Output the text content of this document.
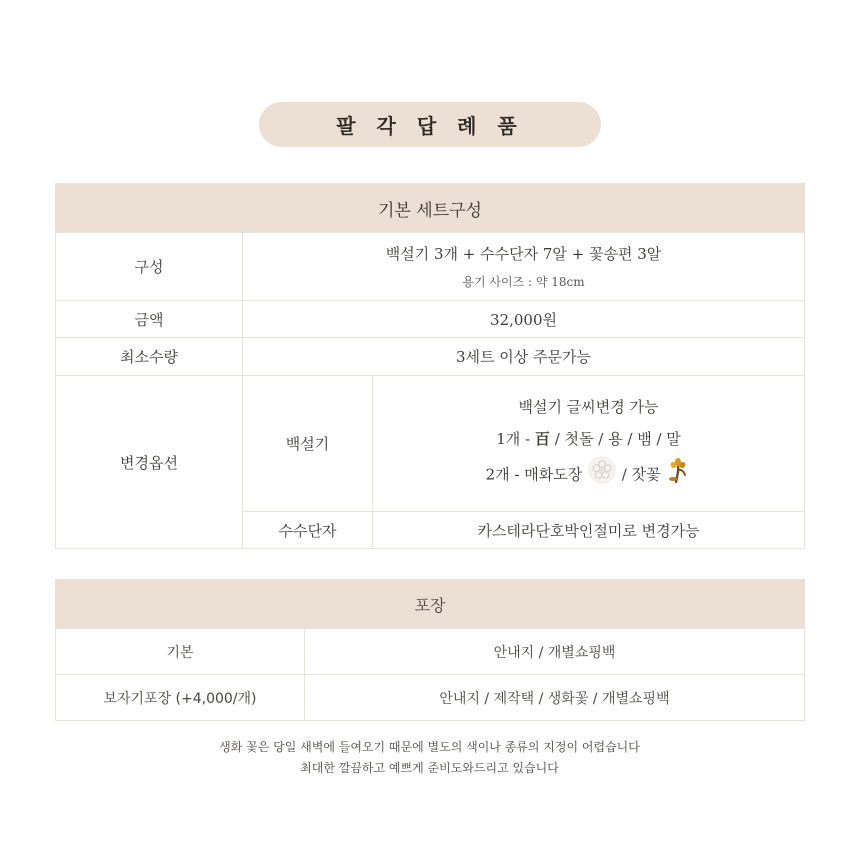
팔 각 답 례 품
기본 세트구성		
구성	백설기 3개 + 수수단자 7알 + 꽃송편 3알
용기 사이즈 : 약 18cm	

금액	32,000원	
최소수량	3세트 이상 주문가능	
변경옵션	백설기	백설기 글씨변경 가능
1개 - 百 / 첫돌 / 용 / 뱀 / 말
2개 - 매화도장 / 잣꽃

	수수단자	카스테라단호박인절미로 변경가능
포장	
기본	안내지 / 개별쇼핑백
보자기포장 (+4,000/개)	안내지 / 제작택 / 생화꽃 / 개별쇼핑백
생화 꽃은 당일 새벽에 들여오기 때문에 별도의 색이나 종류의 지정이 어렵습니다
최대한 깔끔하고 예쁘게 준비도와드리고 있습니다
